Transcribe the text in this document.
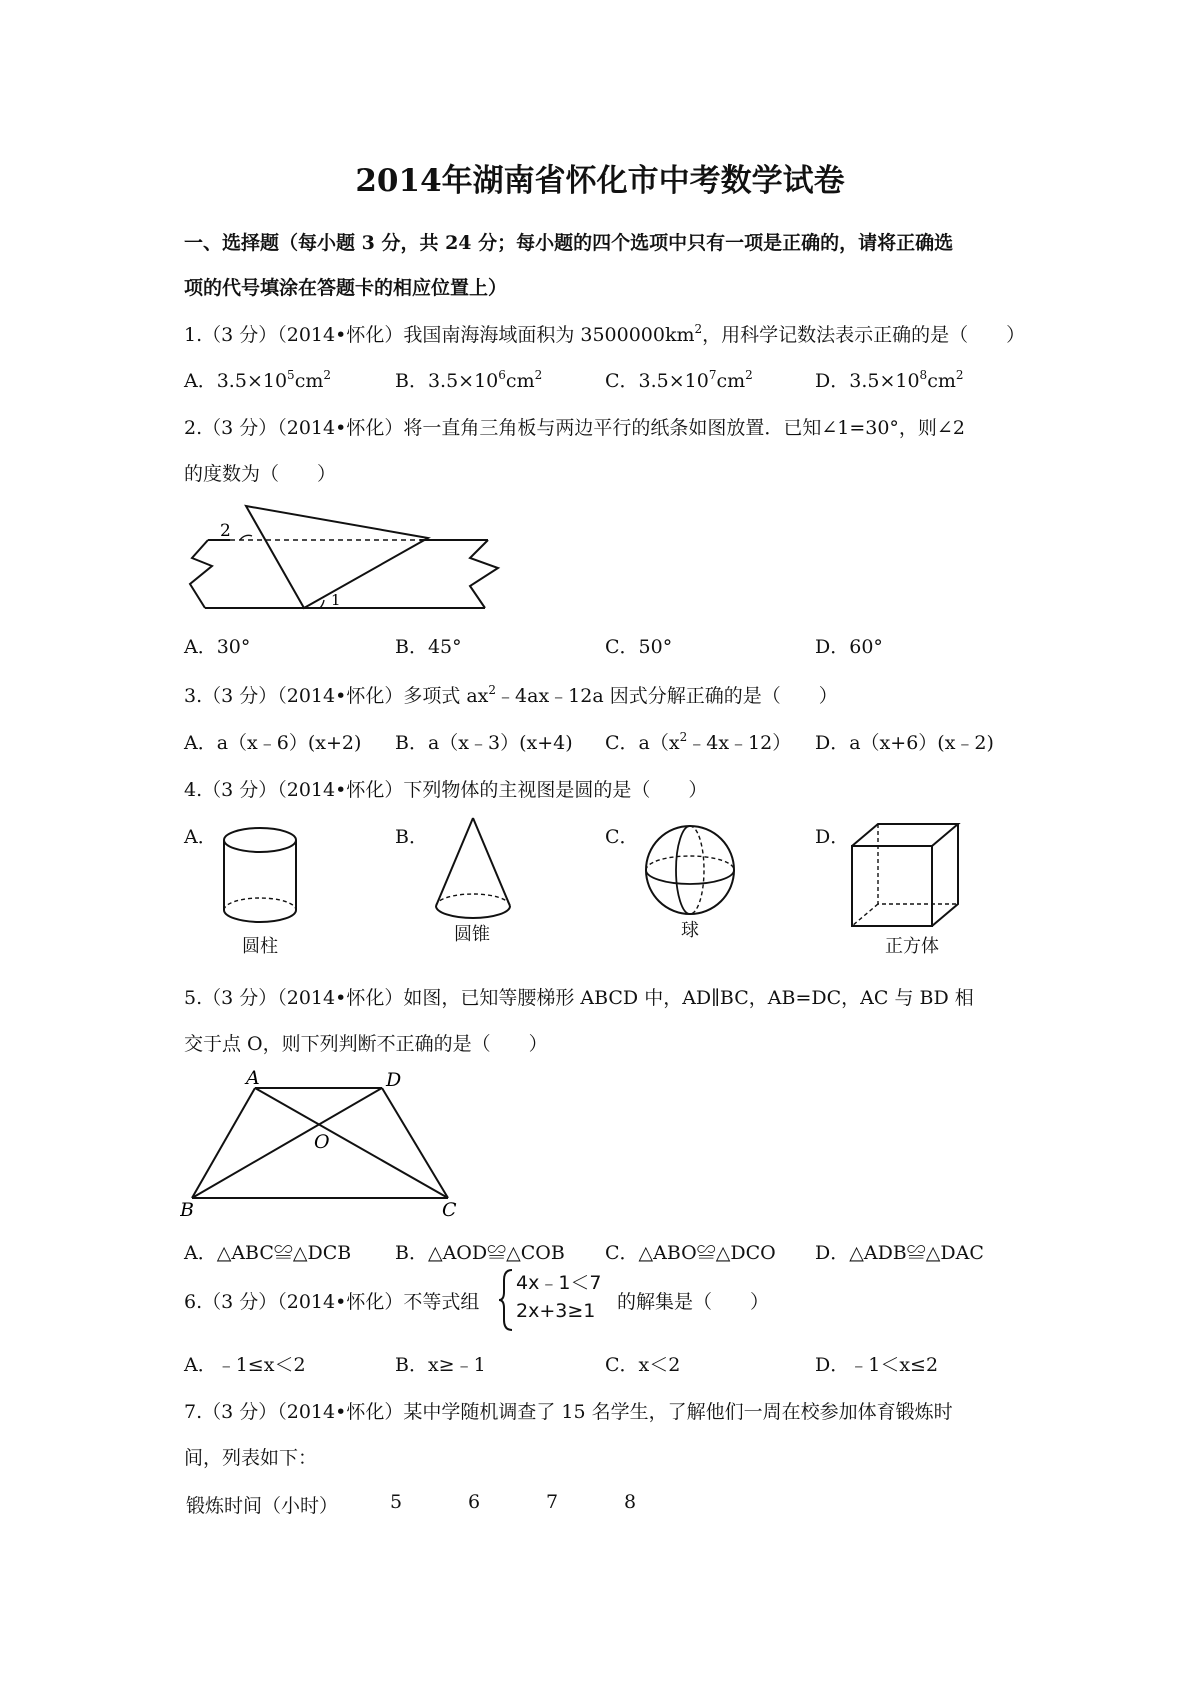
2014年湖南省怀化市中考数学试卷
一、选择题（每小题 3 分，共 24 分；每小题的四个选项中只有一项是正确的，请将正确选
项的代号填涂在答题卡的相应位置上）
1.（3 分）（2014•怀化）我国南海海域面积为 $3500000km^2$，用科学记数法表示正确的是（　　）
A．$3.5\times 10^5cm^2$	B．$3.5\times 10^6cm^2$	C．$3.5\times 10^7cm^2$	D．$3.5\times 10^8cm^2$
2.（3 分）（2014•怀化）将一直角三角板与两边平行的纸条如图放置．已知∠1=30°，则∠2
的度数为（　　）
1
2
A．30°	B．45°	C．50°	D．60°
3.（3 分）（2014•怀化）多项式 $ax^2﹣4ax﹣12a$ 因式分解正确的是（　　）
A．a（x﹣6）(x+2) B．a（x﹣3）(x+4) C．$a(x^2﹣4x﹣12)$ D．a（x+6）(x﹣2)
4.（3 分）（2014•怀化）下列物体的主视图是圆的是（　　）
A．
圆柱
B．
圆锥
C．
球
D．
正方体
5.（3 分）（2014•怀化）如图，已知等腰梯形 ABCD 中，AD∥BC，AB=DC，AC 与 BD 相
交于点 O，则下列判断不正确的是（　　）
A	D
B	C
O
A．△ABC≌△DCB B．△AOD≌△COB C．△ABO≌△DCO D．△ADB≌△DAC
6.（3 分）（2014•怀化）不等式组
4x﹣1＜7
2x+3≥1 的解集是（　　）
A．﹣1≤x＜2	B．x≥﹣1	C．x＜2	D．﹣1＜x≤2
7.（3 分）（2014•怀化）某中学随机调查了 15 名学生，了解他们一周在校参加体育锻炼时
间，列表如下：
锻炼时间（小时）	5	6	7	8
